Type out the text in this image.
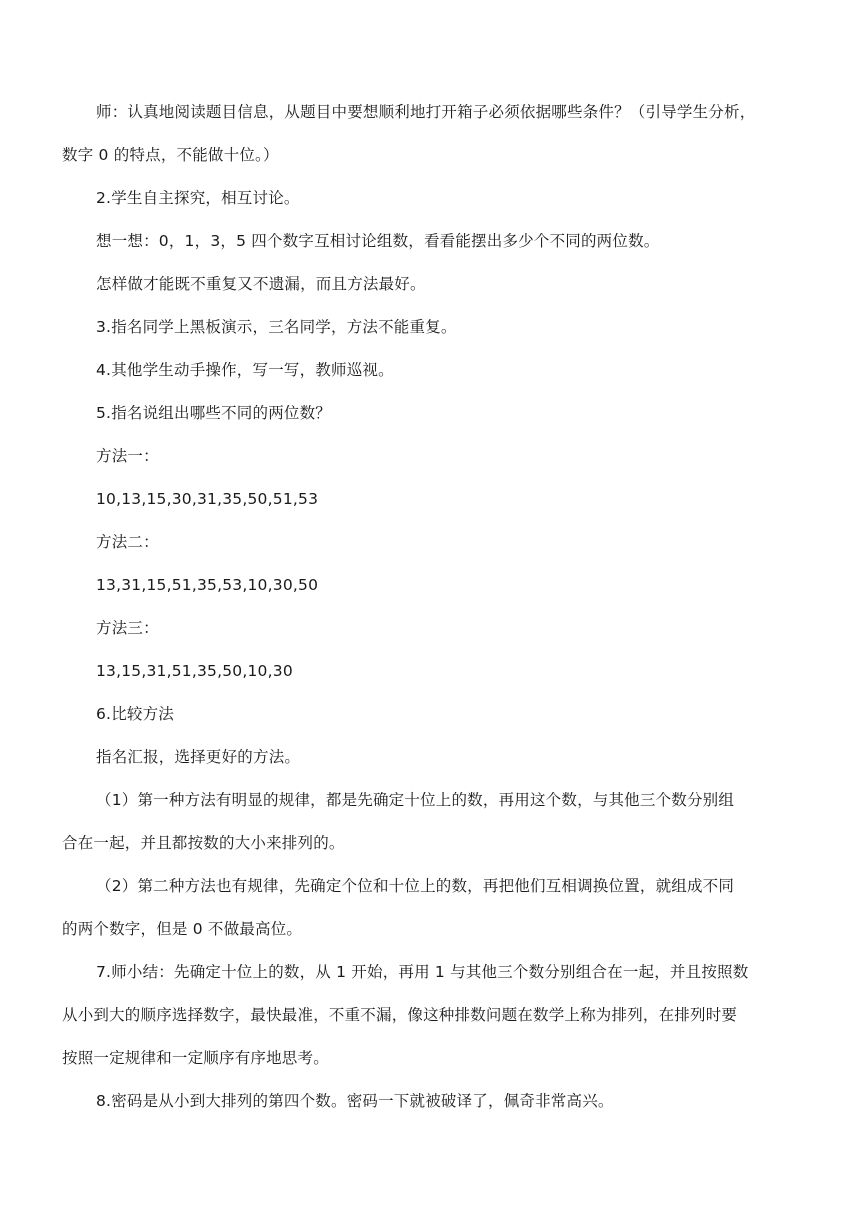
师：认真地阅读题目信息，从题目中要想顺利地打开箱子必须依据哪些条件？（引导学生分析，
数字 0 的特点，不能做十位。）
2.学生自主探究，相互讨论。
想一想：0，1，3，5 四个数字互相讨论组数，看看能摆出多少个不同的两位数。
怎样做才能既不重复又不遗漏，而且方法最好。
3.指名同学上黑板演示，三名同学，方法不能重复。
4.其他学生动手操作，写一写，教师巡视。
5.指名说组出哪些不同的两位数？
方法一：
10,13,15,30,31,35,50,51,53
方法二：
13,31,15,51,35,53,10,30,50
方法三：
13,15,31,51,35,50,10,30
6.比较方法
指名汇报，选择更好的方法。
（1）第一种方法有明显的规律，都是先确定十位上的数，再用这个数，与其他三个数分别组
合在一起，并且都按数的大小来排列的。
（2）第二种方法也有规律，先确定个位和十位上的数，再把他们互相调换位置，就组成不同
的两个数字，但是 0 不做最高位。
7.师小结：先确定十位上的数，从 1 开始，再用 1 与其他三个数分别组合在一起，并且按照数
从小到大的顺序选择数字，最快最准，不重不漏，像这种排数问题在数学上称为排列，在排列时要
按照一定规律和一定顺序有序地思考。
8.密码是从小到大排列的第四个数。密码一下就被破译了，佩奇非常高兴。
